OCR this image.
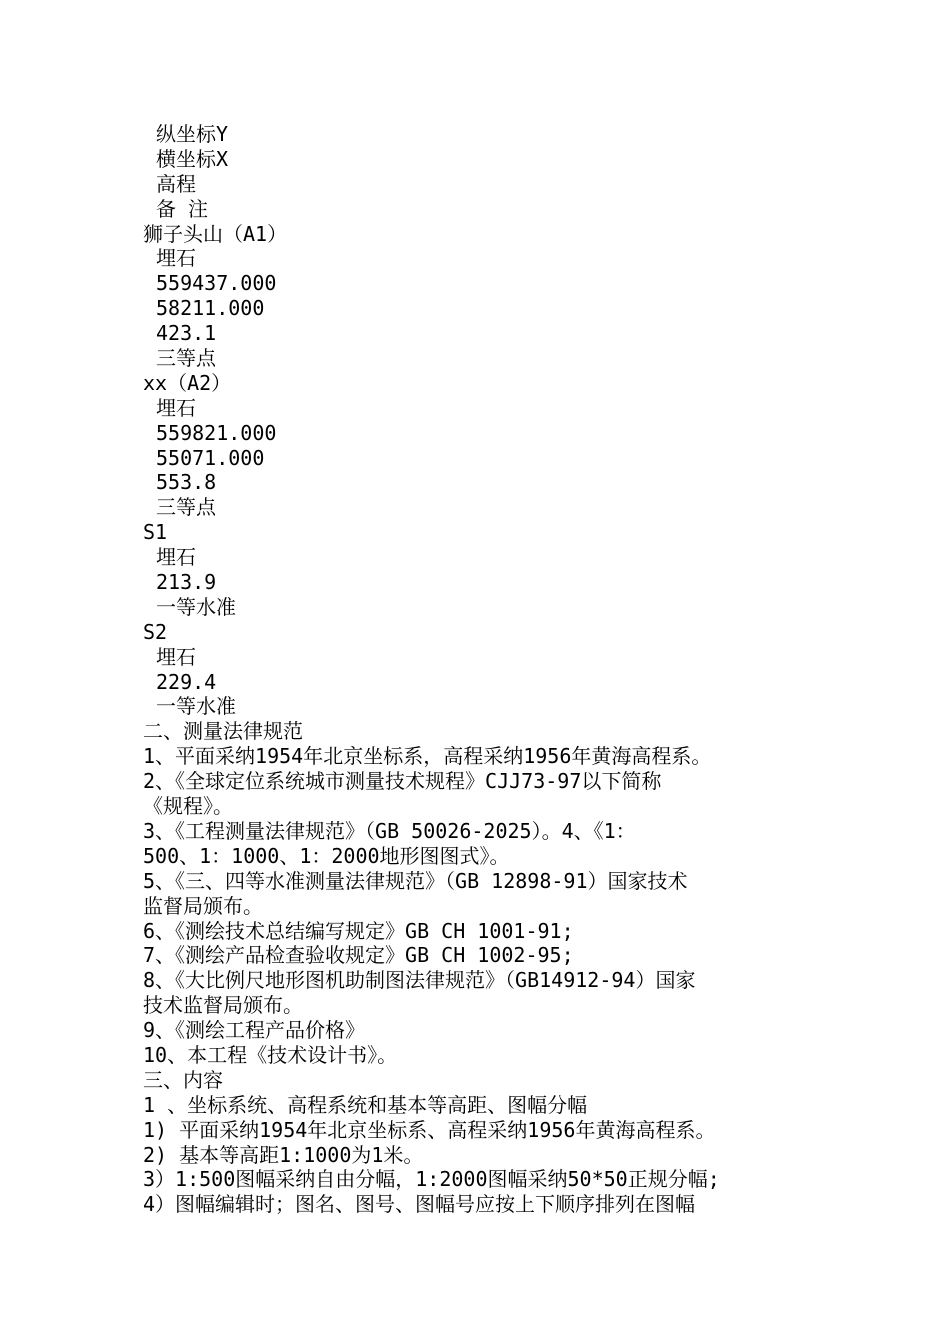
纵坐标Y
横坐标X
高程
备 注
狮子头山（A1）
埋石
559437.000
58211.000
423.1
三等点
xx（A2）
埋石
559821.000
55071.000
553.8
三等点
S1
埋石
213.9
一等水准
S2
埋石
229.4
一等水准
二、测量法律规范
1、平面采纳1954年北京坐标系，高程采纳1956年黄海高程系。
2、《全球定位系统城市测量技术规程》CJJ73-97以下简称
《规程》。
3、《工程测量法律规范》（GB 50026-2025）。4、《1：
500、1：1000、1：2000地形图图式》。
5、《三、四等水准测量法律规范》（GB 12898-91）国家技术
监督局颁布。
6、《测绘技术总结编写规定》GB CH 1001-91;
7、《测绘产品检查验收规定》GB CH 1002-95;
8、《大比例尺地形图机助制图法律规范》（GB14912-94）国家
技术监督局颁布。
9、《测绘工程产品价格》
10、本工程《技术设计书》。
三、内容
1 、坐标系统、高程系统和基本等高距、图幅分幅
1) 平面采纳1954年北京坐标系、高程采纳1956年黄海高程系。
2) 基本等高距1:1000为1米。
3）1:500图幅采纳自由分幅，1:2000图幅采纳50*50正规分幅;
4）图幅编辑时；图名、图号、图幅号应按上下顺序排列在图幅
